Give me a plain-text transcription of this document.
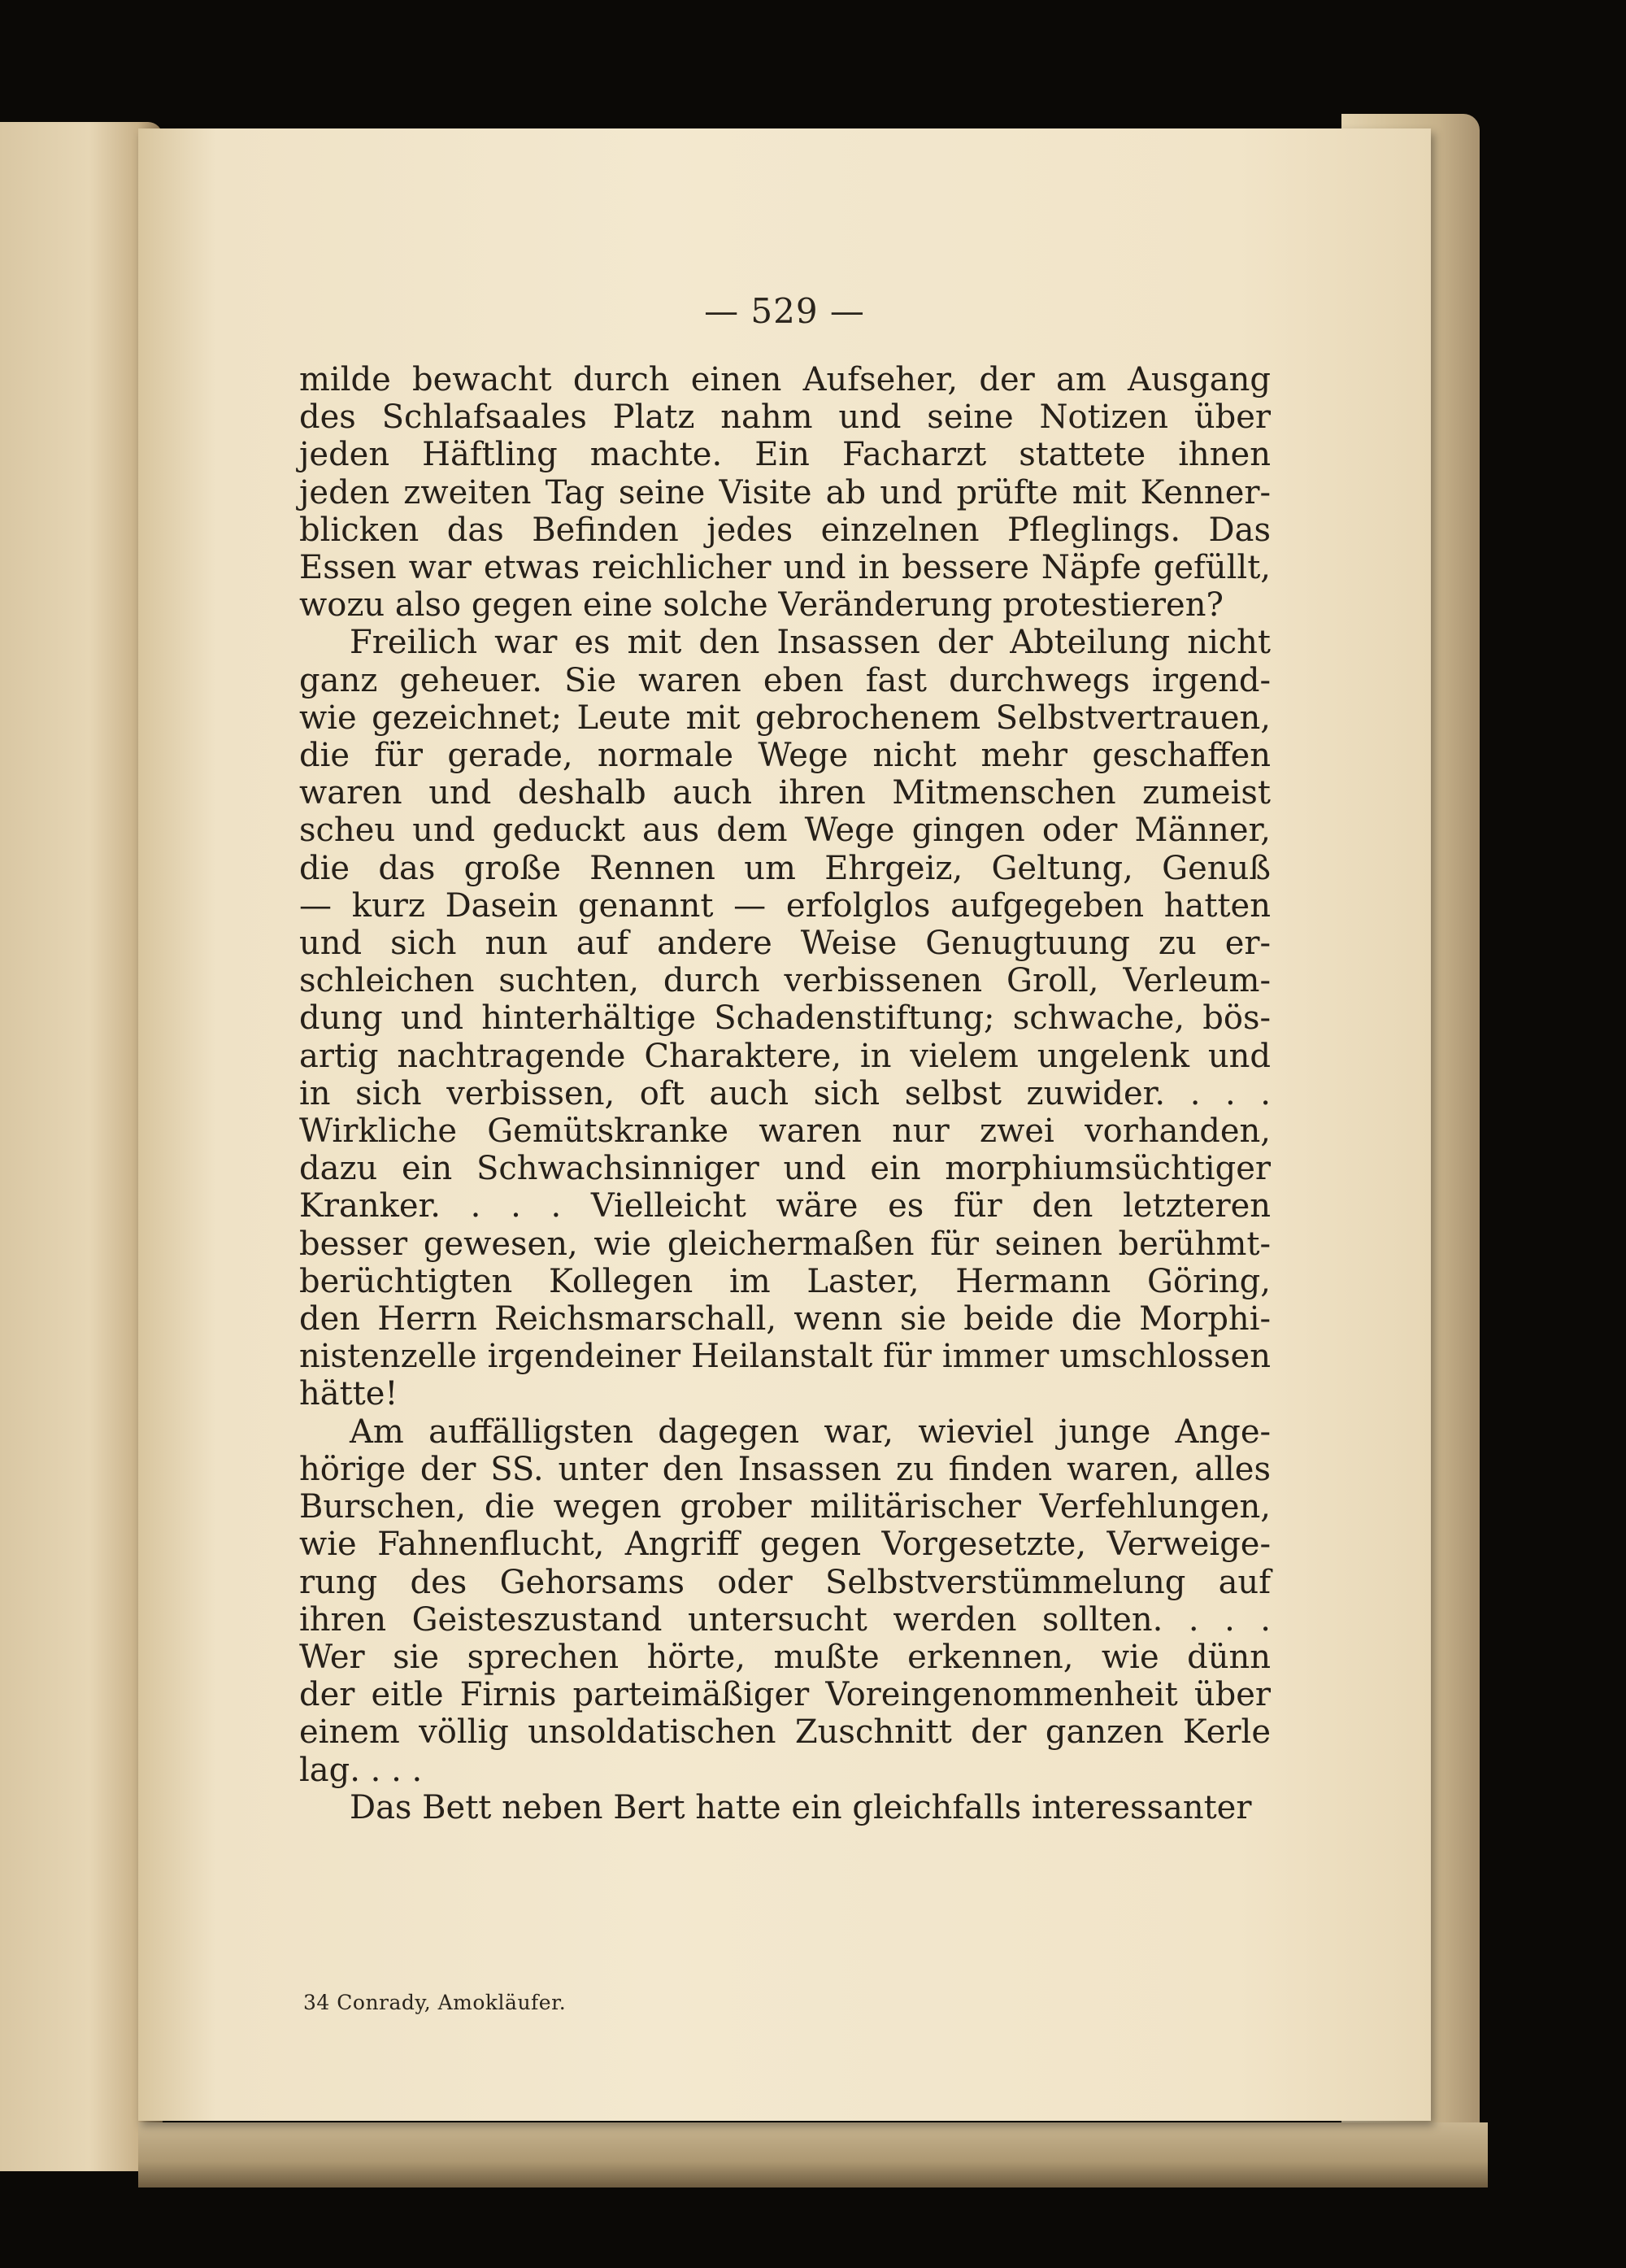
— 529 —

milde bewacht durch einen Aufseher, der am Ausgang
des Schlafsaales Platz nahm und seine Notizen über
jeden Häftling machte. Ein Facharzt stattete ihnen
jeden zweiten Tag seine Visite ab und prüfte mit Kenner-
blicken das Befinden jedes einzelnen Pfleglings. Das
Essen war etwas reichlicher und in bessere Näpfe gefüllt,
wozu also gegen eine solche Veränderung protestieren?
Freilich war es mit den Insassen der Abteilung nicht
ganz geheuer. Sie waren eben fast durchwegs irgend-
wie gezeichnet; Leute mit gebrochenem Selbstvertrauen,
die für gerade, normale Wege nicht mehr geschaffen
waren und deshalb auch ihren Mitmenschen zumeist
scheu und geduckt aus dem Wege gingen oder Männer,
die das große Rennen um Ehrgeiz, Geltung, Genuß
— kurz Dasein genannt — erfolglos aufgegeben hatten
und sich nun auf andere Weise Genugtuung zu er-
schleichen suchten, durch verbissenen Groll, Verleum-
dung und hinterhältige Schadenstiftung; schwache, bös-
artig nachtragende Charaktere, in vielem ungelenk und
in sich verbissen, oft auch sich selbst zuwider. . . .
Wirkliche Gemütskranke waren nur zwei vorhanden,
dazu ein Schwachsinniger und ein morphiumsüchtiger
Kranker. . . . Vielleicht wäre es für den letzteren
besser gewesen, wie gleichermaßen für seinen berühmt-
berüchtigten Kollegen im Laster, Hermann Göring,
den Herrn Reichsmarschall, wenn sie beide die Morphi-
nistenzelle irgendeiner Heilanstalt für immer umschlossen
hätte!
Am auffälligsten dagegen war, wieviel junge Ange-
hörige der SS. unter den Insassen zu finden waren, alles
Burschen, die wegen grober militärischer Verfehlungen,
wie Fahnenflucht, Angriff gegen Vorgesetzte, Verweige-
rung des Gehorsams oder Selbstverstümmelung auf
ihren Geisteszustand untersucht werden sollten. . . .
Wer sie sprechen hörte, mußte erkennen, wie dünn
der eitle Firnis parteimäßiger Voreingenommenheit über
einem völlig unsoldatischen Zuschnitt der ganzen Kerle
lag. . . .
Das Bett neben Bert hatte ein gleichfalls interessanter

34 Conrady, Amokläufer.
